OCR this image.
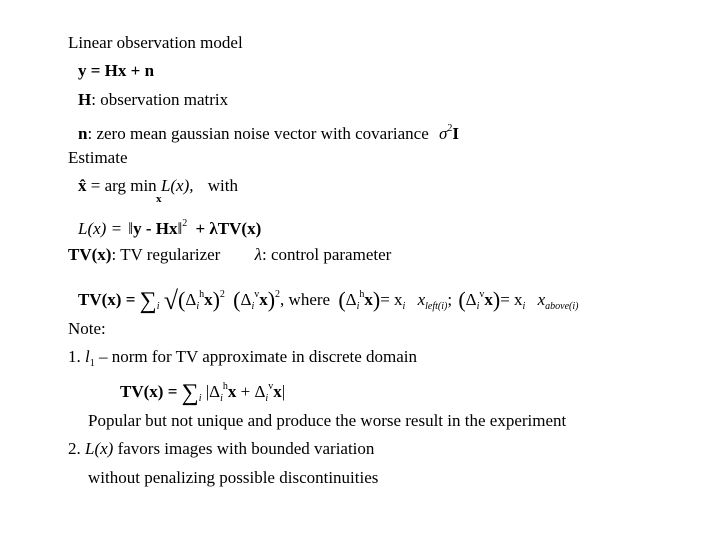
Linear observation model
y = Hx + n
H: observation matrix
n: zero mean gaussian noise vector with covariance $\sigma^2I$
Estimate
x̂ = arg min L(x), with
x
L(x) = ‖y - Hx‖$^2$ + λTV(x)
TV(x): TV regularizer λ: control parameter
$TV(x) = \sum_i$ $√(\Delta_i^hx)^2$ $(\Delta_i^vx)^2$, where $(\Delta_i^hx)= x_i$ $x_{left(i)}$; $(\Delta_i^vx)= x_i$ $x_{above(i)}$
Note:
1. $l_1$ – norm for TV approximate in discrete domain
$TV(x) = \sum_i$ $|\Delta_i^hx + \Delta_i^vx|$
Popular but not unique and produce the worse result in the experiment
2. L(x) favors images with bounded variation
without penalizing possible discontinuities
